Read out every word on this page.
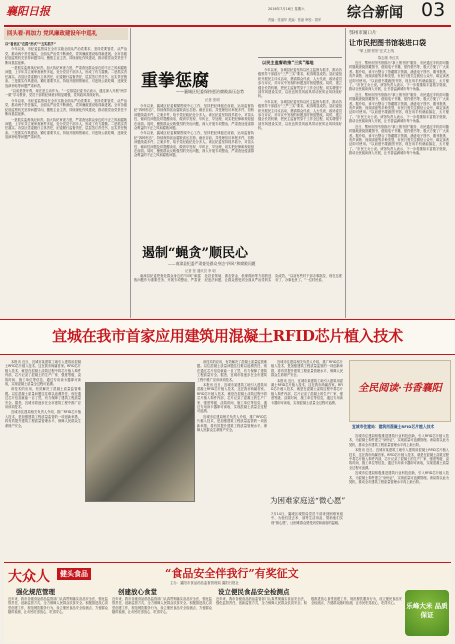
襄阳日报	2016年7月16日 星期六
责编：张丽华 美编：张丽 审校：胡军 综合新闻 03
回头看·再加力 党风廉政建设年中巡礼

以“看县区”在提“形式”“五实抓手”

今年以来，市纪委监察局在全市实施全面从严治党要求，坚持党要管党、从严治党，推动两个责任落实，全面从严治党不断深化，党风廉政建设取得新进展。全市各级纪检监察机关坚持问题导向，聚焦主业主责，持续深化作风建设，推动管党治党责任不断向基层延伸。

一是抓实监督执纪问责。加大执纪审查力度，严肃查处群众身边的不正之风和腐败问题，上半年共立案审查案件多起，处分党员干部多人，形成了有力震慑。二是抓实责任落实。各县区党委履行主体责任，纪委履行监督责任，层层签订责任书，压实责任链条。三是抓实作风建设。紧盯重要节点，持续开展明察暗访，对违规公款吃喝、违规发放津补贴等问题严肃问责。

“以前是挤牙膏，现在是主动作为。”一位基层纪委书记表示，通过深入开展“两学一做”学习教育，党员干部的纪律意识明显增强，党风政风持续好转。

今年以来，市纪委监察局在全市实施全面从严治党要求，坚持党要管党、从严治党，推动两个责任落实，全面从严治党不断深化，党风廉政建设取得新进展。全市各级纪检监察机关坚持问题导向，聚焦主业主责，持续深化作风建设，推动管党治党责任不断向基层延伸。

一是抓实监督执纪问责。加大执纪审查力度，严肃查处群众身边的不正之风和腐败问题，上半年共立案审查案件多起，处分党员干部多人，形成了有力震慑。二是抓实责任落实。各县区党委履行主体责任，纪委履行监督责任，层层签订责任书，压实责任链条。三是抓实作风建设。紧盯重要节点，持续开展明察暗访，对违规公款吃喝、违规发放津补贴等问题严肃问责。

重拳惩腐
——襄城区纪委保持惩治腐败高压态势
记者 张明

今年以来，襄城区纪委紧紧围绕中心工作，坚持把纪律挺在前面，运用监督执纪“四种形态”，持续保持惩治腐败高压态势。截至目前，共受理信访举报多件，初核问题线索多件，立案多件，给予党纪政纪处分多人。该区纪委坚持抓早抓小，对苗头性、倾向性问题及时提醒谈话，做到早发现、早纠正、早处理，切实把纪律和规矩挺在前面。同时，聚焦群众反映强烈的突出问题，深入开展专项整治，严肃查处侵害群众利益的不正之风和腐败问题。

今年以来，襄城区纪委紧紧围绕中心工作，坚持把纪律挺在前面，运用监督执纪“四种形态”，持续保持惩治腐败高压态势。截至目前，共受理信访举报多件，初核问题线索多件，立案多件，给予党纪政纪处分多人。该区纪委坚持抓早抓小，对苗头性、倾向性问题及时提醒谈话，做到早发现、早纠正、早处理，切实把纪律和规矩挺在前面。同时，聚焦群众反映强烈的突出问题，深入开展专项整治，严肃查处侵害群众利益的不正之风和腐败问题。

以民主监督助推“三实”落地

今年以来，谷城县纪委坚持以民主监督为抓手，推动各级领导干部践行“三严三实”要求，取得明显成效。县纪委组织开展民主评议活动，邀请群众代表、人大代表、政协委员参与评议，对评议中发现的问题及时督促整改。同时，建立健全长效机制，把民主监督贯穿于工作全过程，切实增强干部作风建设实效，以优良的党风政风带动民风社风持续好转。

今年以来，谷城县纪委坚持以民主监督为抓手，推动各级领导干部践行“三严三实”要求，取得明显成效。县纪委组织开展民主评议活动，邀请群众代表、人大代表、政协委员参与评议，对评议中发现的问题及时督促整改。同时，建立健全长效机制，把民主监督贯穿于工作全过程，切实增强干部作风建设实效，以优良的党风政风带动民风社风持续好转。

遏制“蝇贪”顺民心
——南漳县纪委严肃查处群众身边“四风”和腐败问题
记者 张 通讯员 李 明

南漳县纪委把查处群众身边的“四风”和腐败问题作为重要任务，开展专项整治，严肃查处扶贫领域、惠农资金、低保救助等方面的违纪违法问题，让群众感受到全面从严治党的实际成效。“以前有些村干部办事拖拉，现在态度好了，办事也快了。”一位村民说。

鄂州市湖口片
让市民把图书馆装进口袋
“掌上图书馆”正式上线
陈志刚 李红英

近日，鄂州市图书馆推出“掌上图书馆”服务，市民通过手机即可随时随地查阅馆藏图书、借阅电子书籍、预约借书等，极大方便了广大读者。据介绍，该平台整合了馆藏数字资源，涵盖电子图书、期刊报纸、有声读物、视频讲座等多种类型，市民只需关注微信公众号，绑定读者证即可使用。“以前借书要跑图书馆，现在用手机就能搞定，太方便了。”市民王女士说。该馆负责人表示，下一步将继续丰富数字资源，推动全民阅读深入开展，让书香溢满城市每个角落。

近日，鄂州市图书馆推出“掌上图书馆”服务，市民通过手机即可随时随地查阅馆藏图书、借阅电子书籍、预约借书等，极大方便了广大读者。据介绍，该平台整合了馆藏数字资源，涵盖电子图书、期刊报纸、有声读物、视频讲座等多种类型，市民只需关注微信公众号，绑定读者证即可使用。“以前借书要跑图书馆，现在用手机就能搞定，太方便了。”市民王女士说。该馆负责人表示，下一步将继续丰富数字资源，推动全民阅读深入开展，让书香溢满城市每个角落。

近日，鄂州市图书馆推出“掌上图书馆”服务，市民通过手机即可随时随地查阅馆藏图书、借阅电子书籍、预约借书等，极大方便了广大读者。据介绍，该平台整合了馆藏数字资源，涵盖电子图书、期刊报纸、有声读物、视频讲座等多种类型，市民只需关注微信公众号，绑定读者证即可使用。“以前借书要跑图书馆，现在用手机就能搞定，太方便了。”市民王女士说。该馆负责人表示，下一步将继续丰富数字资源，推动全民阅读深入开展，让书香溢满城市每个角落。

宜城在我市首家应用建筑用混凝土RFID芯片植入技术

本报讯 近日，宜城市某建筑工地引入建筑用混凝土RFID芯片植入技术，这在我市尚属首家。RFID芯片植入技术，就是在混凝土浇筑过程中将芯片植入构件内部，芯片记录了混凝土的生产厂家、强度等级、浇筑时间、施工单位等信息，通过专用读卡器即可读取，实现混凝土质量全过程可追溯。

该技术的应用，有效解决了混凝土质量监管难题。以往混凝土质量问题往往难以追溯责任，现在通过芯片信息就能一目了然，有力保障了建筑工程质量安全。据悉，宜城市将逐步在全市建筑工程中推广应用该项技术。

宜城市住建局相关负责人介绍，推广RFID芯片植入技术，是加强建筑工程质量监管的一项创新举措，将有效提升建筑工程质量管理水平，保障人民群众生命财产安全。

该技术的应用，有效解决了混凝土质量监管难题。以往混凝土质量问题往往难以追溯责任，现在通过芯片信息就能一目了然，有力保障了建筑工程质量安全。据悉，宜城市将逐步在全市建筑工程中推广应用该项技术。

本报讯 近日，宜城市某建筑工地引入建筑用混凝土RFID芯片植入技术，这在我市尚属首家。RFID芯片植入技术，就是在混凝土浇筑过程中将芯片植入构件内部，芯片记录了混凝土的生产厂家、强度等级、浇筑时间、施工单位等信息，通过专用读卡器即可读取，实现混凝土质量全过程可追溯。

宜城市住建局相关负责人介绍，推广RFID芯片植入技术，是加强建筑工程质量监管的一项创新举措，将有效提升建筑工程质量管理水平，保障人民群众生命财产安全。

宜城市住建局相关负责人介绍，推广RFID芯片植入技术，是加强建筑工程质量监管的一项创新举措，将有效提升建筑工程质量管理水平，保障人民群众生命财产安全。

本报讯 近日，宜城市某建筑工地引入建筑用混凝土RFID芯片植入技术，这在我市尚属首家。RFID芯片植入技术，就是在混凝土浇筑过程中将芯片植入构件内部，芯片记录了混凝土的生产厂家、强度等级、浇筑时间、施工单位等信息，通过专用读卡器即可读取，实现混凝土质量全过程可追溯。

为困难家庭送“微心愿”
7月14日，襄城区城管局党员干部来到困难家庭中，为他们送去米、油等生活用品，帮助他们实现“微心愿”，让困难群众感受到党和政府的温暖。
全民阅读·书香襄阳
宜城市住建局：建筑用混凝土RFID芯片植入技术

宜城市住建局积极推进建筑行业科技创新，引入RFID芯片植入技术，为混凝土构件建立“身份证”，实现质量可追溯管理。该局将以此为契机，推动全市建筑工程质量管理水平再上新台阶。

本报讯 近日，宜城市某建筑工地引入建筑用混凝土RFID芯片植入技术，这在我市尚属首家。RFID芯片植入技术，就是在混凝土浇筑过程中将芯片植入构件内部，芯片记录了混凝土的生产厂家、强度等级、浇筑时间、施工单位等信息，通过专用读卡器即可读取，实现混凝土质量全过程可追溯。

宜城市住建局积极推进建筑行业科技创新，引入RFID芯片植入技术，为混凝土构件建立“身份证”，实现质量可追溯管理。该局将以此为契机，推动全市建筑工程质量管理水平再上新台阶。

大众人	健头食品	“食品安全伴我行”有奖征文
主办：襄阳市食品药品监督管理局 襄阳日报社
强化规范管理	创建放心食堂	设立便民食品安全检测点
近年来，我市各级食品药品监管部门认真贯彻落实食品安全法，强化监管责任，创新监管方式，全力保障人民群众饮食安全。积极推进放心食堂创建工作，规范餐饮服务行为，设立便民食品安全检测点，方便群众随时检测，让市民吃得放心、吃得安心。
近年来，我市各级食品药品监管部门认真贯彻落实食品安全法，强化监管责任，创新监管方式，全力保障人民群众饮食安全。积极推进放心食堂创建工作，规范餐饮服务行为，设立便民食品安全检测点，方便群众随时检测，让市民吃得放心、吃得安心。
近年来，我市各级食品药品监管部门认真贯彻落实食品安全法，强化监管责任，创新监管方式，全力保障人民群众饮食安全。积极推进放心食堂创建工作，规范餐饮服务行为，设立便民食品安全检测点，方便群众随时检测，让市民吃得放心、吃得安心。	乐峰大米 品质保证
